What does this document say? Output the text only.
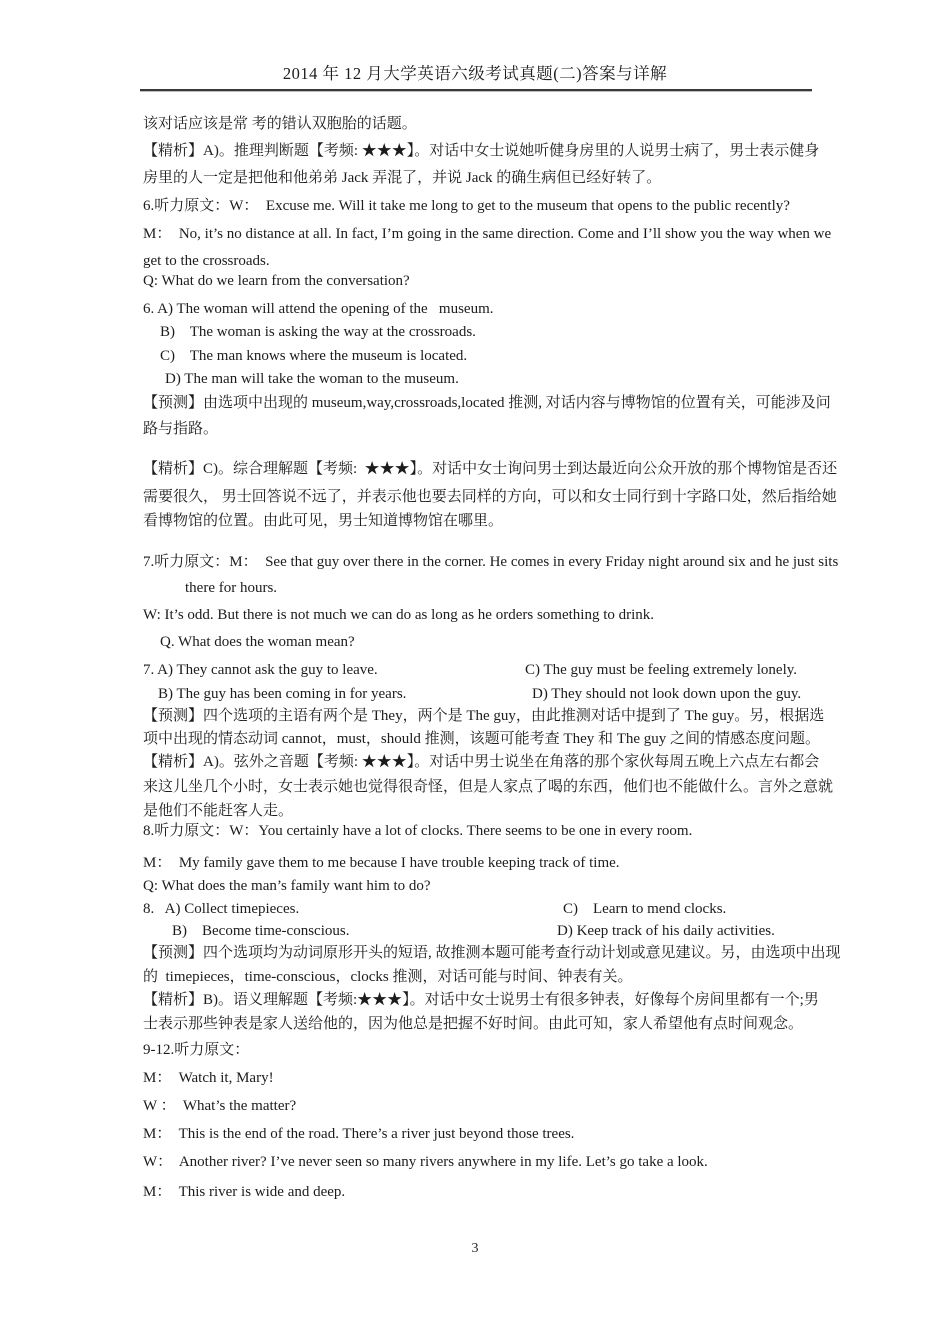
2014 年 12 月大学英语六级考试真题(二)答案与详解
该对话应该是常 考的错认双胞胎的话题。
【精析】A)。推理判断题【考频: ★★★】。对话中女士说她听健身房里的人说男士病了，男士表示健身
房里的人一定是把他和他弟弟 Jack 弄混了，并说 Jack 的确生病但已经好转了。
6.听力原文：W：  Excuse me. Will it take me long to get to the museum that opens to the public recently?
M：  No, it’s no distance at all. In fact, I’m going in the same direction. Come and I’ll show you the way when we
get to the crossroads.
Q: What do we learn from the conversation?
6. A) The woman will attend the opening of the   museum.
B)    The woman is asking the way at the crossroads.
C)    The man knows where the museum is located.
D) The man will take the woman to the museum.
【预测】由选项中出现的 museum,way,crossroads,located 推测, 对话内容与博物馆的位置有关，可能涉及问
路与指路。
【精析】C)。综合理解题【考频:  ★★★】。对话中女士询问男士到达最近向公众开放的那个博物馆是否还
需要很久， 男士回答说不远了，并表示他也要去同样的方向，可以和女士同行到十字路口处，然后指给她
看博物馆的位置。由此可见，男士知道博物馆在哪里。
7.听力原文：M：  See that guy over there in the corner. He comes in every Friday night around six and he just sits
there for hours.
W: It’s odd. But there is not much we can do as long as he orders something to drink.
Q. What does the woman mean?
7. A) They cannot ask the guy to leave.	C) The guy must be feeling extremely lonely.
B) The guy has been coming in for years.	D) They should not look down upon the guy.
【预测】四个选项的主语有两个是 They，两个是 The guy，由此推测对话中提到了 The guy。另，根据选
项中出现的情态动词 cannot，must，should 推测，该题可能考查 They 和 The guy 之间的情感态度问题。
【精析】A)。弦外之音题【考频: ★★★】。对话中男士说坐在角落的那个家伙每周五晚上六点左右都会
来这儿坐几个小时，女士表示她也觉得很奇怪，但是人家点了喝的东西，他们也不能做什么。言外之意就
是他们不能赶客人走。
8.听力原文：W：You certainly have a lot of clocks. There seems to be one in every room.
M：  My family gave them to me because I have trouble keeping track of time.
Q: What does the man’s family want him to do?
8.   A) Collect timepieces.	C)    Learn to mend clocks.
B)    Become time-conscious.	D) Keep track of his daily activities.
【预测】四个选项均为动词原形开头的短语, 故推测本题可能考查行动计划或意见建议。另，由选项中出现
的  timepieces，time-conscious，clocks 推测，对话可能与时间、钟表有关。
【精析】B)。语义理解题【考频:★★★】。对话中女士说男士有很多钟表，好像每个房间里都有一个;男
士表示那些钟表是家人送给他的，因为他总是把握不好时间。由此可知，家人希望他有点时间观念。
9-12.听力原文：
M：  Watch it, Mary!
W ：  What’s the matter?
M：  This is the end of the road. There’s a river just beyond those trees.
W：  Another river? I’ve never seen so many rivers anywhere in my life. Let’s go take a look.
M：  This river is wide and deep.
3
